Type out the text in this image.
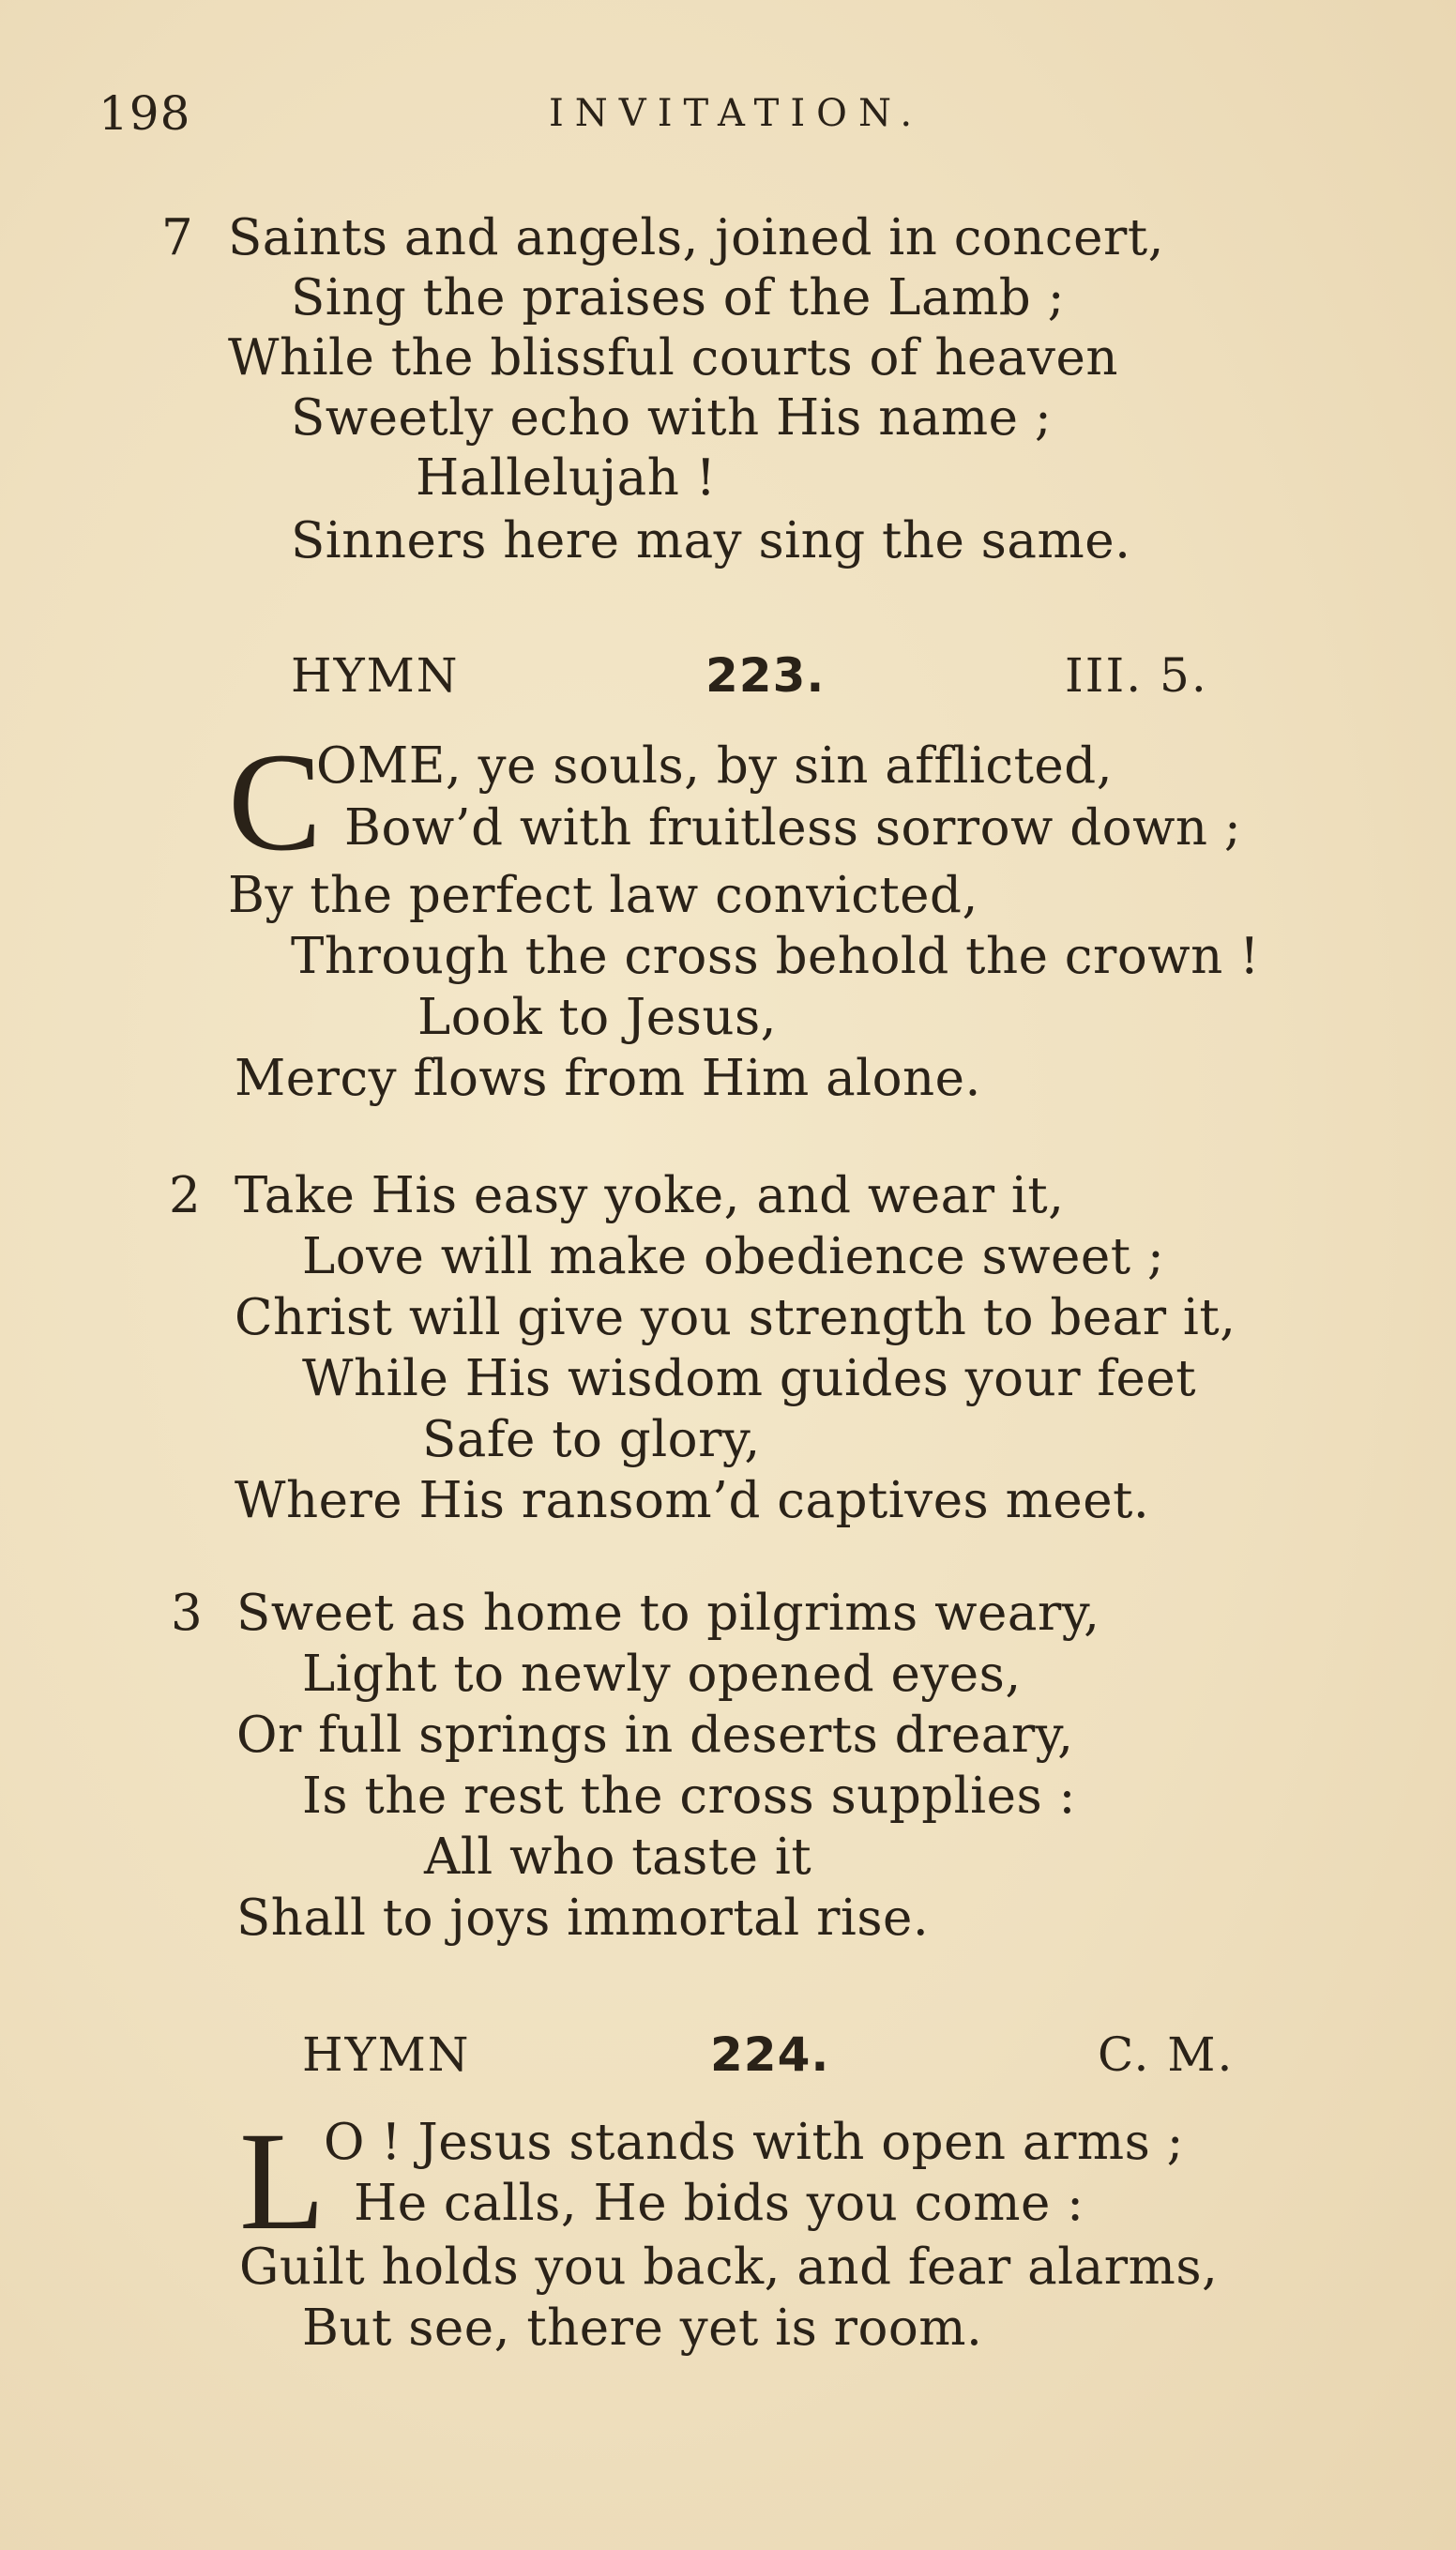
198	INVITATION.
7 Saints and angels, joined in concert,
Sing the praises of the Lamb ;
While the blissful courts of heaven
Sweetly echo with His name ;
Hallelujah !
Sinners here may sing the same.
HYMN	223.	III. 5.
C
OME, ye souls, by sin afflicted,
Bow’d with fruitless sorrow down ;
By the perfect law convicted,
Through the cross behold the crown !
Look to Jesus,
Mercy flows from Him alone.
2 Take His easy yoke, and wear it,
Love will make obedience sweet ;
Christ will give you strength to bear it,
While His wisdom guides your feet
Safe to glory,
Where His ransom’d captives meet.
3 Sweet as home to pilgrims weary,
Light to newly opened eyes,
Or full springs in deserts dreary,
Is the rest the cross supplies :
All who taste it
Shall to joys immortal rise.
HYMN	224.	C. M.
L
O ! Jesus stands with open arms ;
He calls, He bids you come :
Guilt holds you back, and fear alarms,
But see, there yet is room.
